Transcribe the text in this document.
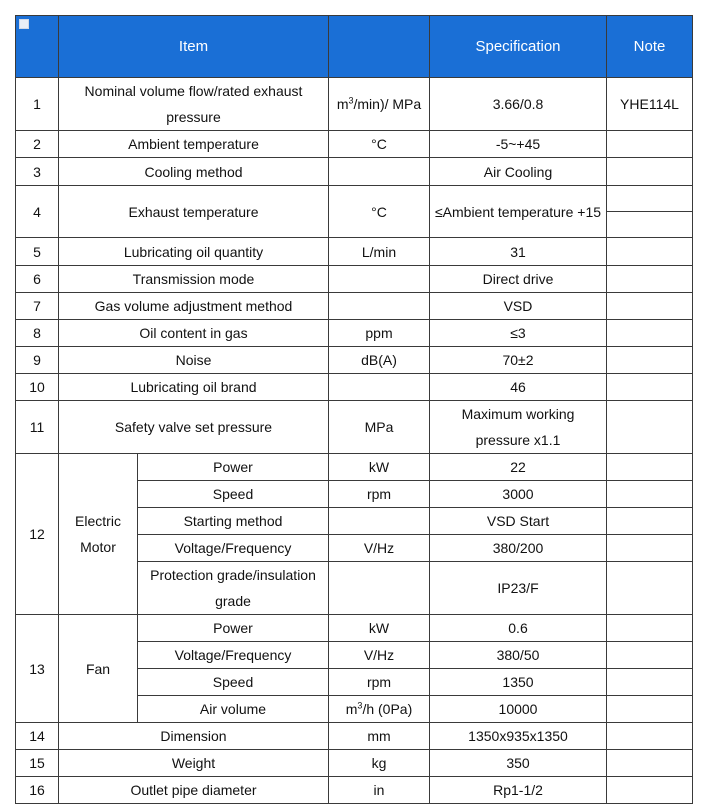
	Item			Specification	Note
1	Nominal volume flow/rated exhaust pressure		$m^3/\min)/$ MPa	3.66/0.8	YHE114L
2	Ambient temperature		°C	-5~+45	
3	Cooling method			Air Cooling	
4	Exhaust temperature		°C	≤Ambient temperature +15	

5	Lubricating oil quantity		L/min	31	
6	Transmission mode			Direct drive	
7	Gas volume adjustment method			VSD	
8	Oil content in gas		ppm	≤3	
9	Noise		dB(A)	70±2	
10	Lubricating oil brand			46	
11	Safety valve set pressure		MPa	Maximum working pressure x1.1	
12	Electric Motor	Power	kW	22	
		Speed	rpm	3000	
		Starting method		VSD Start	
		Voltage/Frequency	V/Hz	380/200	
		Protection grade/insulation grade		IP23/F	
13	Fan	Power	kW	0.6	
		Voltage/Frequency	V/Hz	380/50	
		Speed	rpm	1350	
		Air volume	$m^3/h$ (0Pa)	10000	
14	Dimension		mm	1350x935x1350	
15	Weight		kg	350	
16	Outlet pipe diameter		in	Rp1-1/2	
